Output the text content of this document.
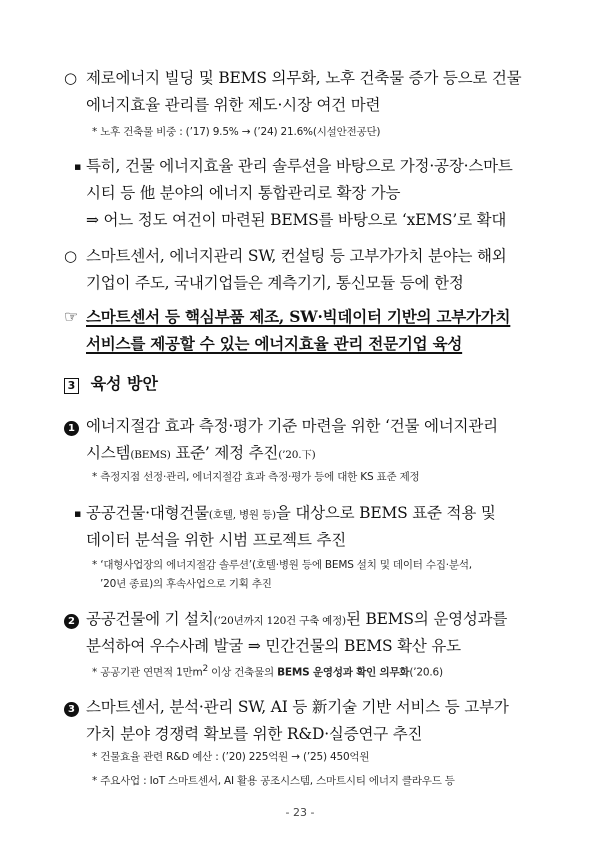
○ 제로에너지 빌딩 및 BEMS 의무화, 노후 건축물 증가 등으로 건물
에너지효율 관리를 위한 제도·시장 여건 마련
* 노후 건축물 비중 : (’17) 9.5% → (’24) 21.6%(시설안전공단)
▪ 특히, 건물 에너지효율 관리 솔루션을 바탕으로 가정·공장·스마트
시티 등 他 분야의 에너지 통합관리로 확장 가능
⇒ 어느 정도 여건이 마련된 BEMS를 바탕으로 ‘xEMS’로 확대
○ 스마트센서, 에너지관리 SW, 컨설팅 등 고부가가치 분야는 해외
기업이 주도, 국내기업들은 계측기기, 통신모듈 등에 한정
☞ 스마트센서 등 핵심부품 제조, SW·빅데이터 기반의 고부가가치
서비스를 제공할 수 있는 에너지효율 관리 전문기업 육성
3 육성 방안
1 에너지절감 효과 측정·평가 기준 마련을 위한 ‘건물 에너지관리
시스템(BEMS) 표준’ 제정 추진(’20.下)
* 측정지점 선정·관리, 에너지절감 효과 측정·평가 등에 대한 KS 표준 제정
▪ 공공건물·대형건물(호텔, 병원 등)을 대상으로 BEMS 표준 적용 및
데이터 분석을 위한 시범 프로젝트 추진
* ‘대형사업장의 에너지절감 솔루션’(호텔·병원 등에 BEMS 설치 및 데이터 수집·분석,
’20년 종료)의 후속사업으로 기획 추진
2 공공건물에 기 설치(’20년까지 120건 구축 예정)된 BEMS의 운영성과를
분석하여 우수사례 발굴 ⇒ 민간건물의 BEMS 확산 유도
* 공공기관 연면적 1만$m^2$ 이상 건축물의 BEMS 운영성과 확인 의무화(’20.6)
3 스마트센서, 분석·관리 SW, AI 등 新기술 기반 서비스 등 고부가
가치 분야 경쟁력 확보를 위한 R&D·실증연구 추진
* 건물효율 관련 R&D 예산 : (’20) 225억원 → (’25) 450억원
* 주요사업 : IoT 스마트센서, AI 활용 공조시스템, 스마트시티 에너지 클라우드 등
- 23 -
